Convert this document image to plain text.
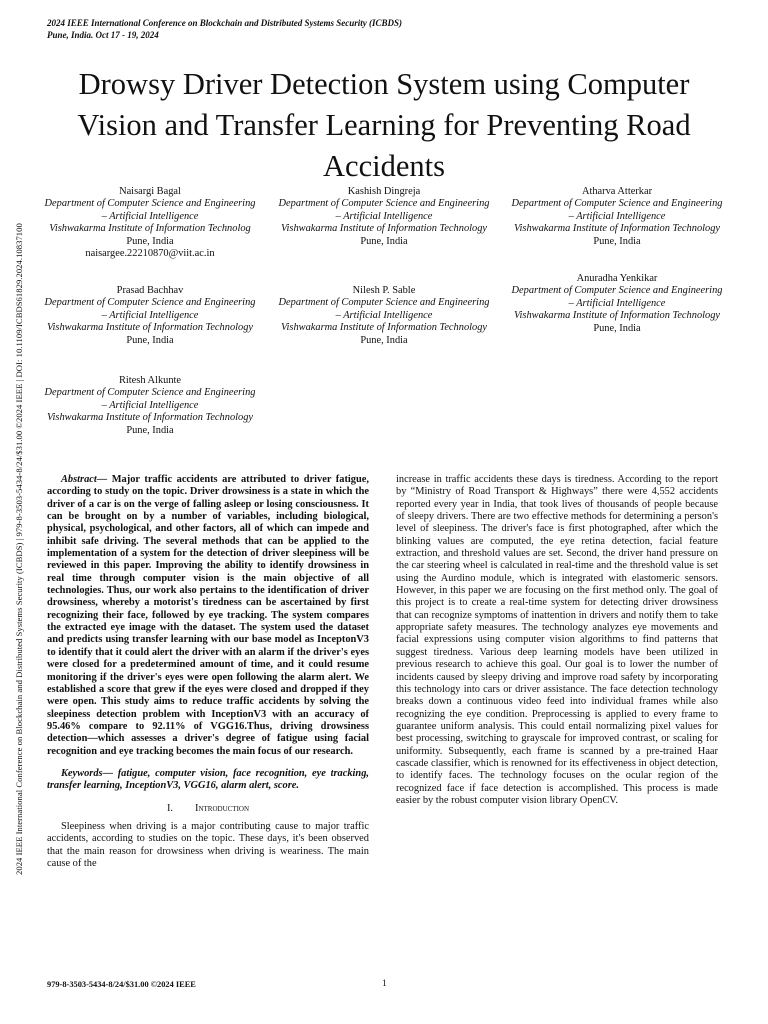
2024 IEEE International Conference on Blockchain and Distributed Systems Security (ICBDS)
Pune, India. Oct 17 - 19, 2024
2024 IEEE International Conference on Blockchain and Distributed Systems Security (ICBDS) | 979-8-3503-5434-8/24/$31.00 ©2024 IEEE | DOI: 10.1109/ICBDS61829.2024.10837100
Drowsy Driver Detection System using Computer Vision and Transfer Learning for Preventing Road Accidents
Naisargi Bagal
Department of Computer Science and Engineering – Artificial Intelligence
Vishwakarma Institute of Information Technolog
Pune, India
naisargee.22210870@viit.ac.in
Kashish Dingreja
Department of Computer Science and Engineering – Artificial Intelligence
Vishwakarma Institute of Information Technology
Pune, India
Atharva Atterkar
Department of Computer Science and Engineering – Artificial Intelligence
Vishwakarma Institute of Information Technology
Pune, India
Prasad Bachhav
Department of Computer Science and Engineering – Artificial Intelligence
Vishwakarma Institute of Information Technology
Pune, India
Nilesh P. Sable
Department of Computer Science and Engineering – Artificial Intelligence
Vishwakarma Institute of Information Technology
Pune, India
Anuradha Yenkikar
Department of Computer Science and Engineering – Artificial Intelligence
Vishwakarma Institute of Information Technology
Pune, India
Ritesh Alkunte
Department of Computer Science and Engineering – Artificial Intelligence
Vishwakarma Institute of Information Technology
Pune, India

Abstract— Major traffic accidents are attributed to driver fatigue, according to study on the topic. Driver drowsiness is a state in which the driver of a car is on the verge of falling asleep or losing consciousness. It can be brought on by a number of variables, including biological, physical, psychological, and other factors, all of which can impede and inhibit safe driving. The several methods that can be applied to the implementation of a system for the detection of driver sleepiness will be reviewed in this paper. Improving the ability to identify drowsiness in real time through computer vision is the main objective of all technologies. Thus, our work also pertains to the identification of driver drowsiness, whereby a motorist's tiredness can be ascertained by first recognizing their face, followed by eye tracking. The system compares the extracted eye image with the dataset. The system used the dataset and predicts using transfer learning with our base model as InceptonV3 to identify that it could alert the driver with an alarm if the driver's eyes were closed for a predetermined amount of time, and it could resume monitoring if the driver's eyes were open following the alarm alert. We established a score that grew if the eyes were closed and dropped if they were open. This study aims to reduce traffic accidents by solving the sleepiness detection problem with InceptionV3 with an accuracy of 95.46% compare to 92.11% of VGG16.Thus, driving drowsiness detection—which assesses a driver's degree of fatigue using facial recognition and eye tracking becomes the main focus of our research.

Keywords— fatigue, computer vision, face recognition, eye tracking, transfer learning, InceptionV3, VGG16, alarm alert, score.

I. Introduction

Sleepiness when driving is a major contributing cause to major traffic accidents, according to studies on the topic. These days, it's been observed that the main reason for drowsiness when driving is weariness. The main cause of the

increase in traffic accidents these days is tiredness. According to the report by “Ministry of Road Transport & Highways” there were 4,552 accidents reported every year in India, that took lives of thousands of people because of sleepy drivers. There are two effective methods for determining a person's level of sleepiness. The driver's face is first photographed, after which the blinking values are computed, the eye retina detection, facial feature extraction, and threshold values are set. Second, the driver hand pressure on the car steering wheel is calculated in real-time and the threshold value is set using the Aurdino module, which is integrated with elastomeric sensors. However, in this paper we are focusing on the first method only. The goal of this project is to create a real-time system for detecting driver drowsiness that can recognize symptoms of inattention in drivers and notify them to take appropriate safety measures. The technology analyzes eye movements and facial expressions using computer vision algorithms to find patterns that suggest tiredness. Various deep learning models have been utilized in previous research to achieve this goal. Our goal is to lower the number of incidents caused by sleepy driving and improve road safety by incorporating this technology into cars or driver assistance. The face detection technology breaks down a continuous video feed into individual frames while also recognizing the eye condition. Preprocessing is applied to every frame to guarantee uniform analysis. This could entail normalizing pixel values for best processing, switching to grayscale for improved contrast, or scaling for uniformity. Subsequently, each frame is scanned by a pre-trained Haar cascade classifier, which is renowned for its effectiveness in object detection, to identify faces. The technology focuses on the ocular region of the recognized face if face detection is accomplished. This process is made easier by the robust computer vision library OpenCV.

979-8-3503-5434-8/24/$31.00 ©2024 IEEE	1
